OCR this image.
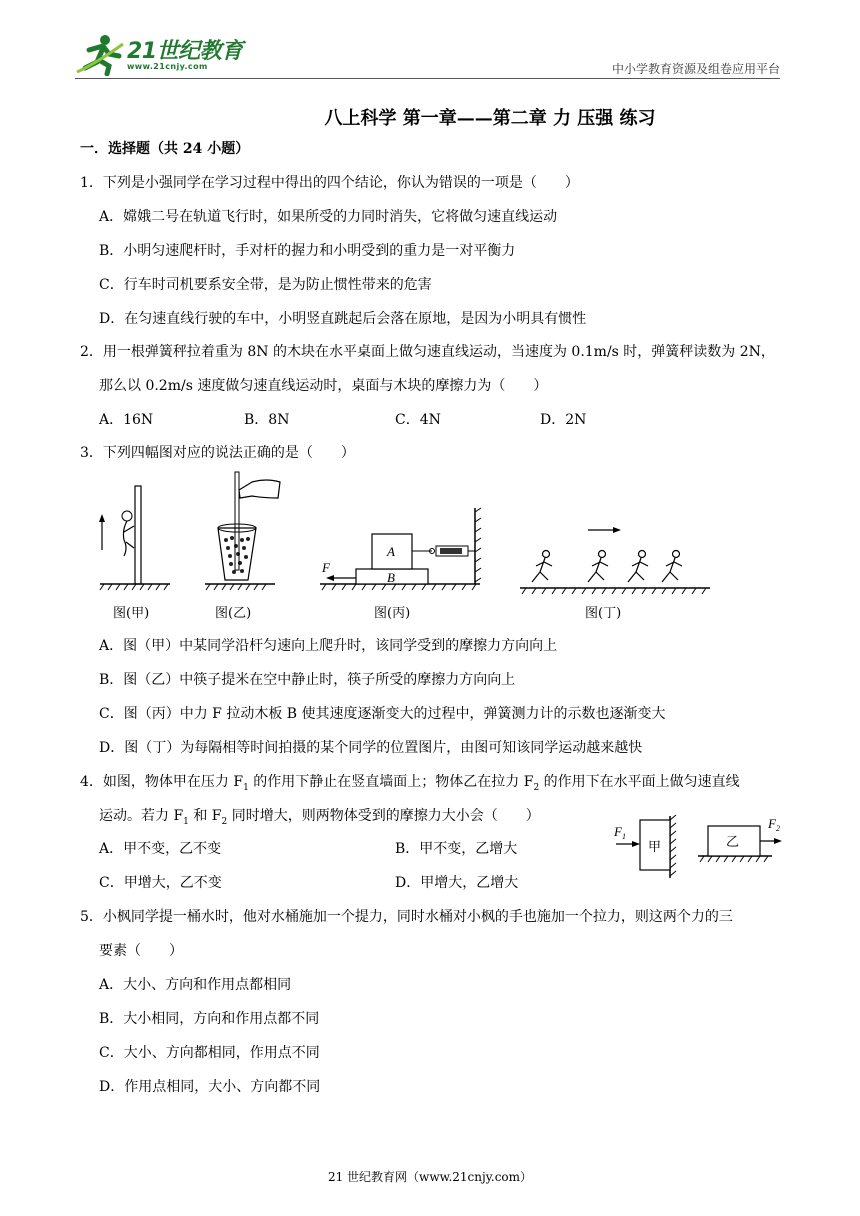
21世纪教育
www.21cnjy.com	中小学教育资源及组卷应用平台
八上科学 第一章——第二章 力 压强 练习
一．选择题（共 24 小题）
1．下列是小强同学在学习过程中得出的四个结论，你认为错误的一项是（　　）
A．嫦娥二号在轨道飞行时，如果所受的力同时消失，它将做匀速直线运动
B．小明匀速爬杆时，手对杆的握力和小明受到的重力是一对平衡力
C．行车时司机要系安全带，是为防止惯性带来的危害
D．在匀速直线行驶的车中，小明竖直跳起后会落在原地，是因为小明具有惯性
2．用一根弹簧秤拉着重为 8N 的木块在水平桌面上做匀速直线运动，当速度为 0.1m/s 时，弹簧秤读数为 2N，
那么以 0.2m/s 速度做匀速直线运动时，桌面与木块的摩擦力为（　　）
A．16N	B．8N	C．4N	D．2N
3．下列四幅图对应的说法正确的是（　　）
A
B
F
图(甲)	图(乙)	图(丙)	图(丁)
A．图（甲）中某同学沿杆匀速向上爬升时，该同学受到的摩擦力方向向上
B．图（乙）中筷子提米在空中静止时，筷子所受的摩擦力方向向上
C．图（丙）中力 F 拉动木板 B 使其速度逐渐变大的过程中，弹簧测力计的示数也逐渐变大
D．图（丁）为每隔相等时间拍摄的某个同学的位置图片，由图可知该同学运动越来越快
4．如图，物体甲在压力 $F_1$ 的作用下静止在竖直墙面上；物体乙在拉力 $F_2$ 的作用下在水平面上做匀速直线
运动。若力 $F_1$ 和 $F_2$ 同时增大，则两物体受到的摩擦力大小会（　　）
A．甲不变，乙不变	B．甲不变，乙增大
C．甲增大，乙不变	D．甲增大，乙增大
甲
$F_1$	乙
$F_2$
5．小枫同学提一桶水时，他对水桶施加一个提力，同时水桶对小枫的手也施加一个拉力，则这两个力的三
要素（　　）
A．大小、方向和作用点都相同
B．大小相同，方向和作用点都不同
C．大小、方向都相同，作用点不同
D．作用点相同，大小、方向都不同
21 世纪教育网（www.21cnjy.com）
